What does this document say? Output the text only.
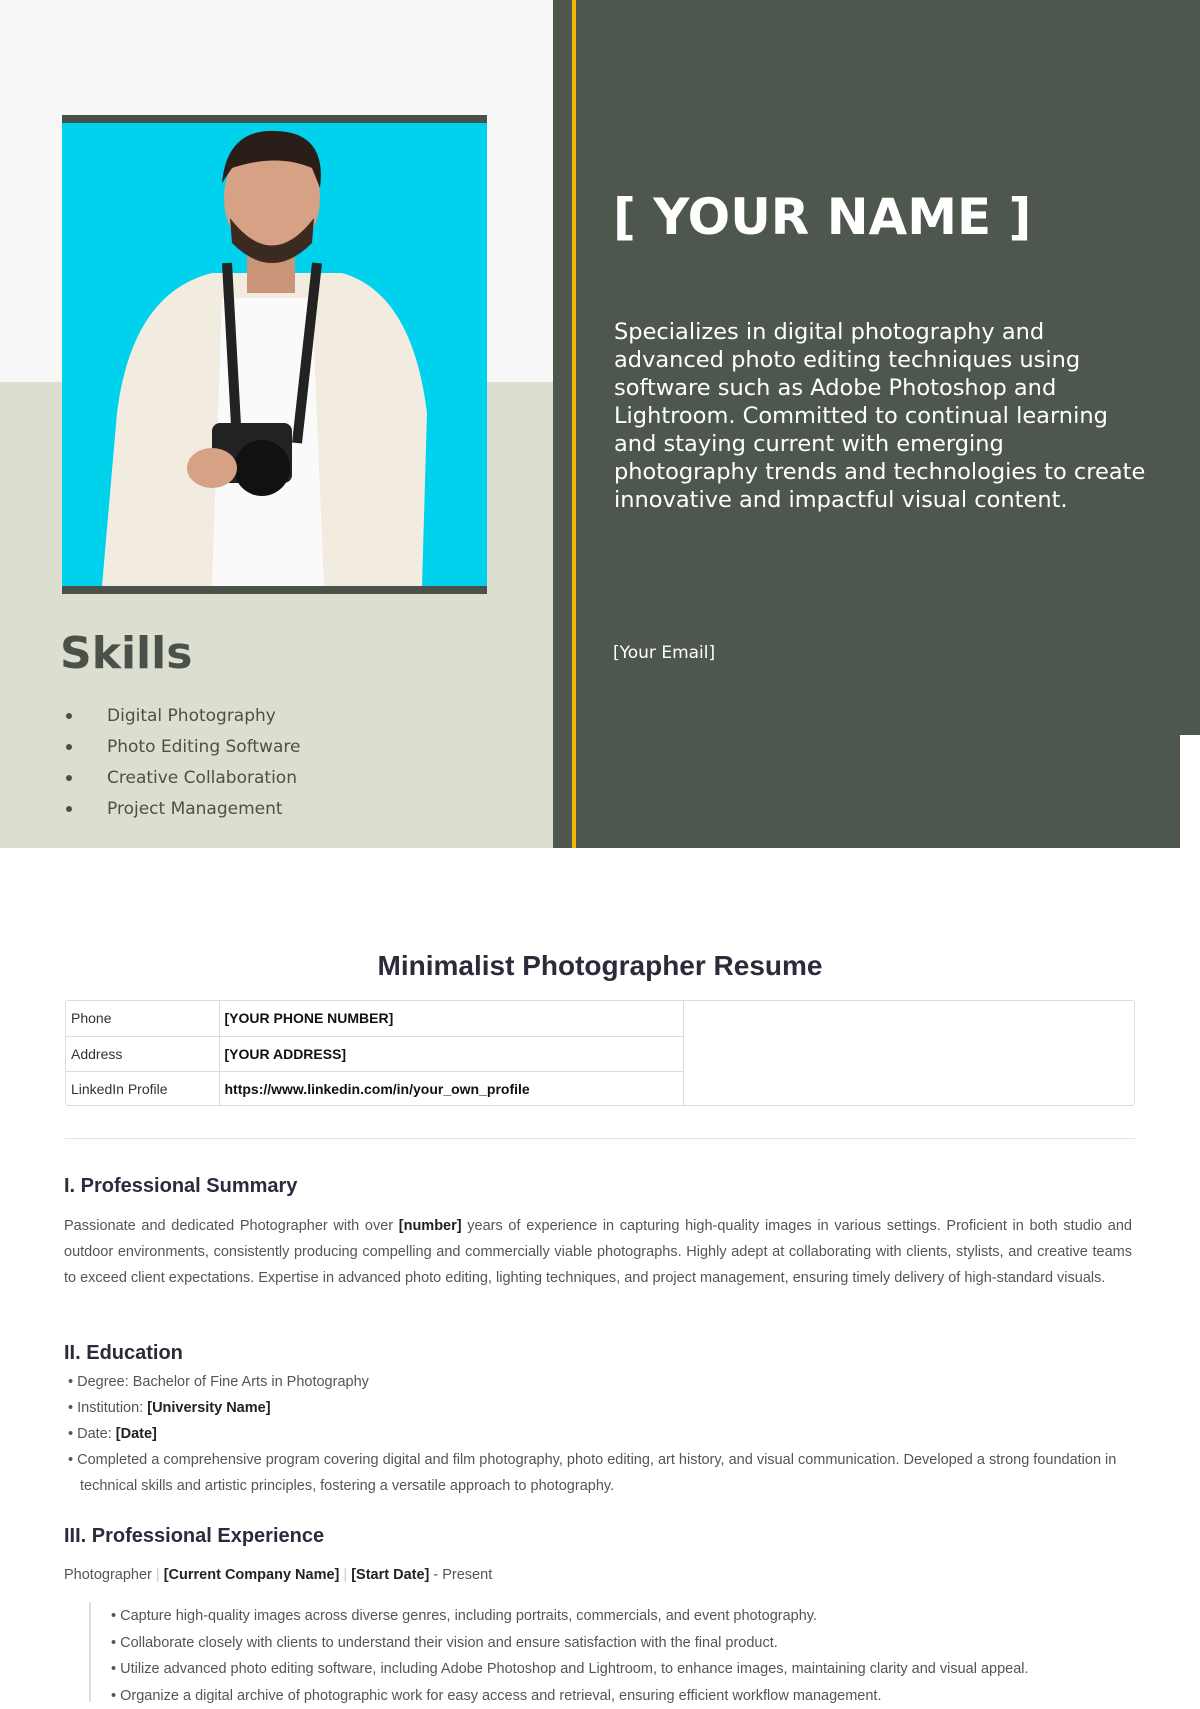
Skills
Digital Photography
Photo Editing Software
Creative Collaboration
Project Management
[ YOUR NAME ]
Specializes in digital photography and advanced photo editing techniques using software such as Adobe Photoshop and Lightroom. Committed to continual learning and staying current with emerging photography trends and technologies to create innovative and impactful visual content.
[Your Email]
Minimalist Photographer Resume
Phone	[YOUR PHONE NUMBER]
Address	[YOUR ADDRESS]
LinkedIn Profile	https://www.linkedin.com/in/your_own_profile
I. Professional Summary

Passionate and dedicated Photographer with over [number] years of experience in capturing high-quality images in various settings. Proficient in both studio and outdoor environments, consistently producing compelling and commercially viable photographs. Highly adept at collaborating with clients, stylists, and creative teams to exceed client expectations. Expertise in advanced photo editing, lighting techniques, and project management, ensuring timely delivery of high-standard visuals.

II. Education
• Degree: Bachelor of Fine Arts in Photography
• Institution: [University Name]
• Date: [Date]
• Completed a comprehensive program covering digital and film photography, photo editing, art history, and visual communication. Developed a strong foundation in technical skills and artistic principles, fostering a versatile approach to photography.
III. Professional Experience

Photographer | [Current Company Name] | [Start Date] - Present

• Capture high-quality images across diverse genres, including portraits, commercials, and event photography.
• Collaborate closely with clients to understand their vision and ensure satisfaction with the final product.
• Utilize advanced photo editing software, including Adobe Photoshop and Lightroom, to enhance images, maintaining clarity and visual appeal.
• Organize a digital archive of photographic work for easy access and retrieval, ensuring efficient workflow management.
